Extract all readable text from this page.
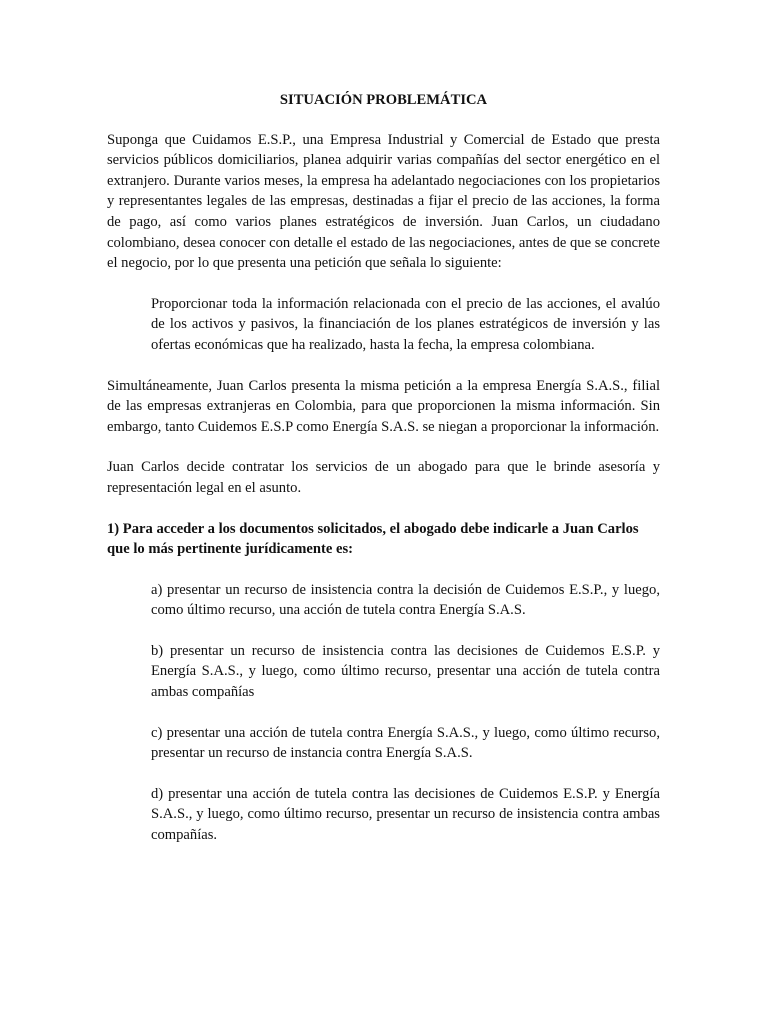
SITUACIÓN PROBLEMÁTICA

Suponga que Cuidamos E.S.P., una Empresa Industrial y Comercial de Estado que presta servicios públicos domiciliarios, planea adquirir varias compañías del sector energético en el extranjero. Durante varios meses, la empresa ha adelantado negociaciones con los propietarios y representantes legales de las empresas, destinadas a fijar el precio de las acciones, la forma de pago, así como varios planes estratégicos de inversión. Juan Carlos, un ciudadano colombiano, desea conocer con detalle el estado de las negociaciones, antes de que se concrete el negocio, por lo que presenta una petición que señala lo siguiente:

Proporcionar toda la información relacionada con el precio de las acciones, el avalúo de los activos y pasivos, la financiación de los planes estratégicos de inversión y las ofertas económicas que ha realizado, hasta la fecha, la empresa colombiana.

Simultáneamente, Juan Carlos presenta la misma petición a la empresa Energía S.A.S., filial de las empresas extranjeras en Colombia, para que proporcionen la misma información. Sin embargo, tanto Cuidemos E.S.P como Energía S.A.S. se niegan a proporcionar la información.

Juan Carlos decide contratar los servicios de un abogado para que le brinde asesoría y representación legal en el asunto.

1) Para acceder a los documentos solicitados, el abogado debe indicarle a Juan Carlos que lo más pertinente jurídicamente es:

a) presentar un recurso de insistencia contra la decisión de Cuidemos E.S.P., y luego, como último recurso, una acción de tutela contra Energía S.A.S.

b) presentar un recurso de insistencia contra las decisiones de Cuidemos E.S.P. y Energía S.A.S., y luego, como último recurso, presentar una acción de tutela contra ambas compañías

c) presentar una acción de tutela contra Energía S.A.S., y luego, como último recurso, presentar un recurso de instancia contra Energía S.A.S.

d) presentar una acción de tutela contra las decisiones de Cuidemos E.S.P. y Energía S.A.S., y luego, como último recurso, presentar un recurso de insistencia contra ambas compañías.
